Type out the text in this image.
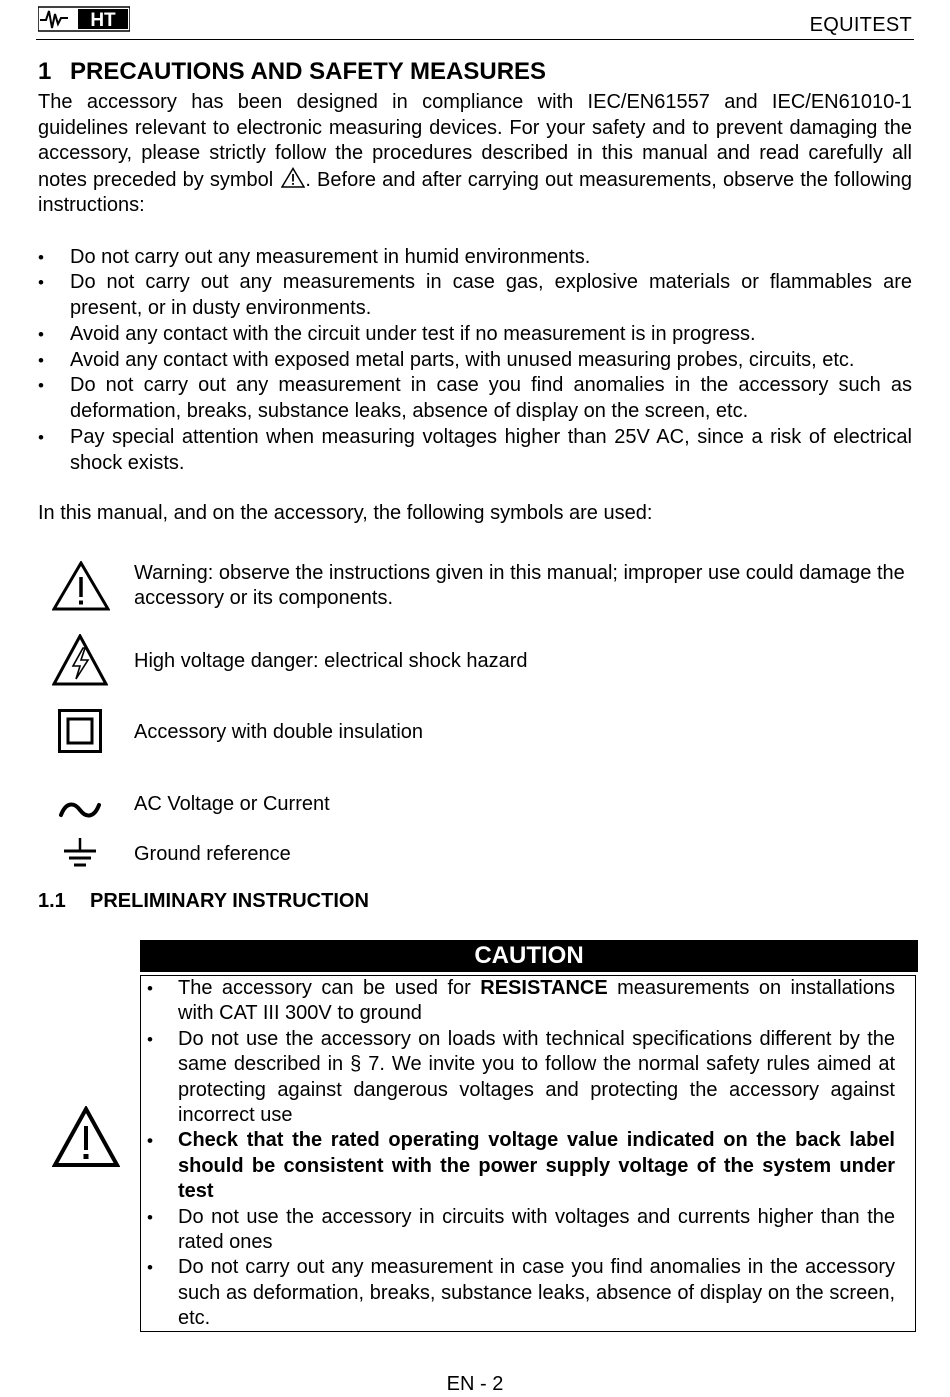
HT	EQUITEST
1 PRECAUTIONS AND SAFETY MEASURES

The accessory has been designed in compliance with IEC/EN61557 and IEC/EN61010-1 guidelines relevant to electronic measuring devices. For your safety and to prevent damaging the accessory, please strictly follow the procedures described in this manual and read carefully all notes preceded by symbol . Before and after carrying out measurements, observe the following instructions:

• Do not carry out any measurement in humid environments.
• Do not carry out any measurements in case gas, explosive materials or flammables are present, or in dusty environments.
• Avoid any contact with the circuit under test if no measurement is in progress.
• Avoid any contact with exposed metal parts, with unused measuring probes, circuits, etc.
• Do not carry out any measurement in case you find anomalies in the accessory such as deformation, breaks, substance leaks, absence of display on the screen, etc.
• Pay special attention when measuring voltages higher than 25V AC, since a risk of electrical shock exists.

In this manual, and on the accessory, the following symbols are used:

Warning: observe the instructions given in this manual; improper use could damage the accessory or its components.
High voltage danger: electrical shock hazard
Accessory with double insulation
AC Voltage or Current
Ground reference
1.1 PRELIMINARY INSTRUCTION
CAUTION
• The accessory can be used for RESISTANCE measurements on installations with CAT III 300V to ground
• Do not use the accessory on loads with technical specifications different by the same described in § 7. We invite you to follow the normal safety rules aimed at protecting against dangerous voltages and protecting the accessory against incorrect use
• Check that the rated operating voltage value indicated on the back label should be consistent with the power supply voltage of the system under test
• Do not use the accessory in circuits with voltages and currents higher than the rated ones
• Do not carry out any measurement in case you find anomalies in the accessory such as deformation, breaks, substance leaks, absence of display on the screen, etc.
EN - 2
